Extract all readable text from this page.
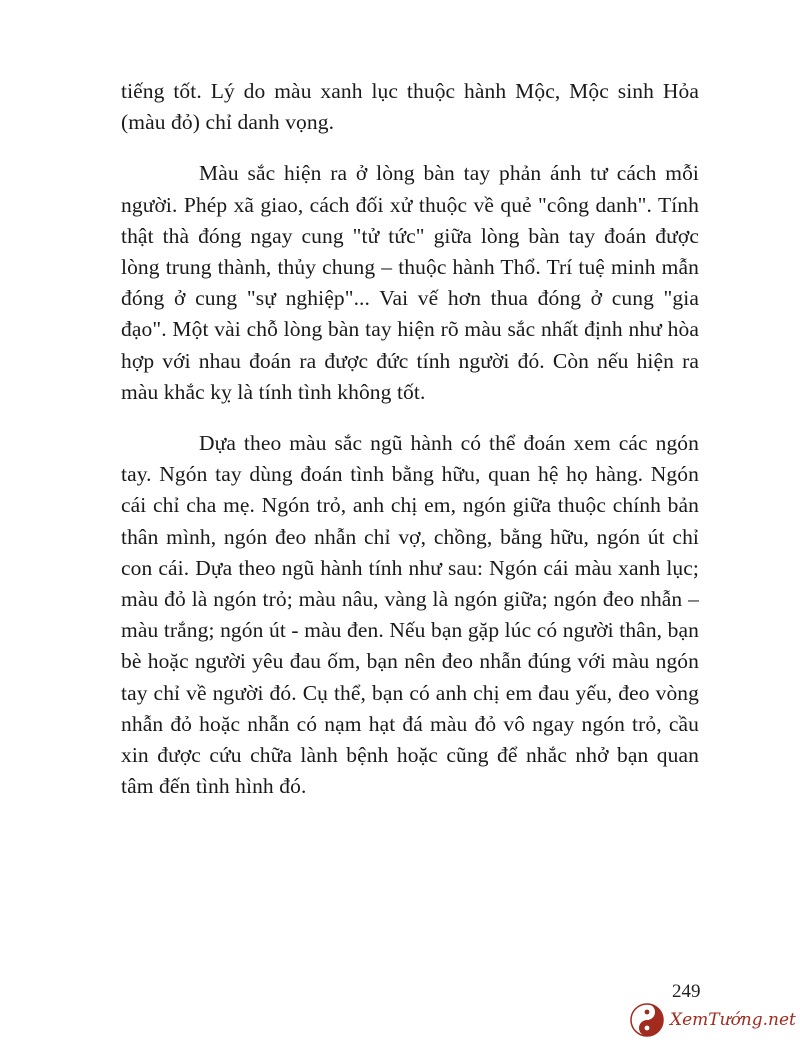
tiếng tốt. Lý do màu xanh lục thuộc hành Mộc, Mộc sinh Hỏa (màu đỏ) chỉ danh vọng.

Màu sắc hiện ra ở lòng bàn tay phản ánh tư cách mỗi người. Phép xã giao, cách đối xử thuộc về quẻ "công danh". Tính thật thà đóng ngay cung "tử tức" giữa lòng bàn tay đoán được lòng trung thành, thủy chung – thuộc hành Thổ. Trí tuệ minh mẫn đóng ở cung "sự nghiệp"... Vai vế hơn thua đóng ở cung "gia đạo". Một vài chỗ lòng bàn tay hiện rõ màu sắc nhất định như hòa hợp với nhau đoán ra được đức tính người đó. Còn nếu hiện ra màu khắc kỵ là tính tình không tốt.

Dựa theo màu sắc ngũ hành có thể đoán xem các ngón tay. Ngón tay dùng đoán tình bằng hữu, quan hệ họ hàng. Ngón cái chỉ cha mẹ. Ngón trỏ, anh chị em, ngón giữa thuộc chính bản thân mình, ngón đeo nhẫn chỉ vợ, chồng, bằng hữu, ngón út chỉ con cái. Dựa theo ngũ hành tính như sau: Ngón cái màu xanh lục; màu đỏ là ngón trỏ; màu nâu, vàng là ngón giữa; ngón đeo nhẫn – màu trắng; ngón út - màu đen. Nếu bạn gặp lúc có người thân, bạn bè hoặc người yêu đau ốm, bạn nên đeo nhẫn đúng với màu ngón tay chỉ về người đó. Cụ thể, bạn có anh chị em đau yếu, đeo vòng nhẫn đỏ hoặc nhẫn có nạm hạt đá màu đỏ vô ngay ngón trỏ, cầu xin được cứu chữa lành bệnh hoặc cũng để nhắc nhở bạn quan tâm đến tình hình đó.

249
XemTướng.net
